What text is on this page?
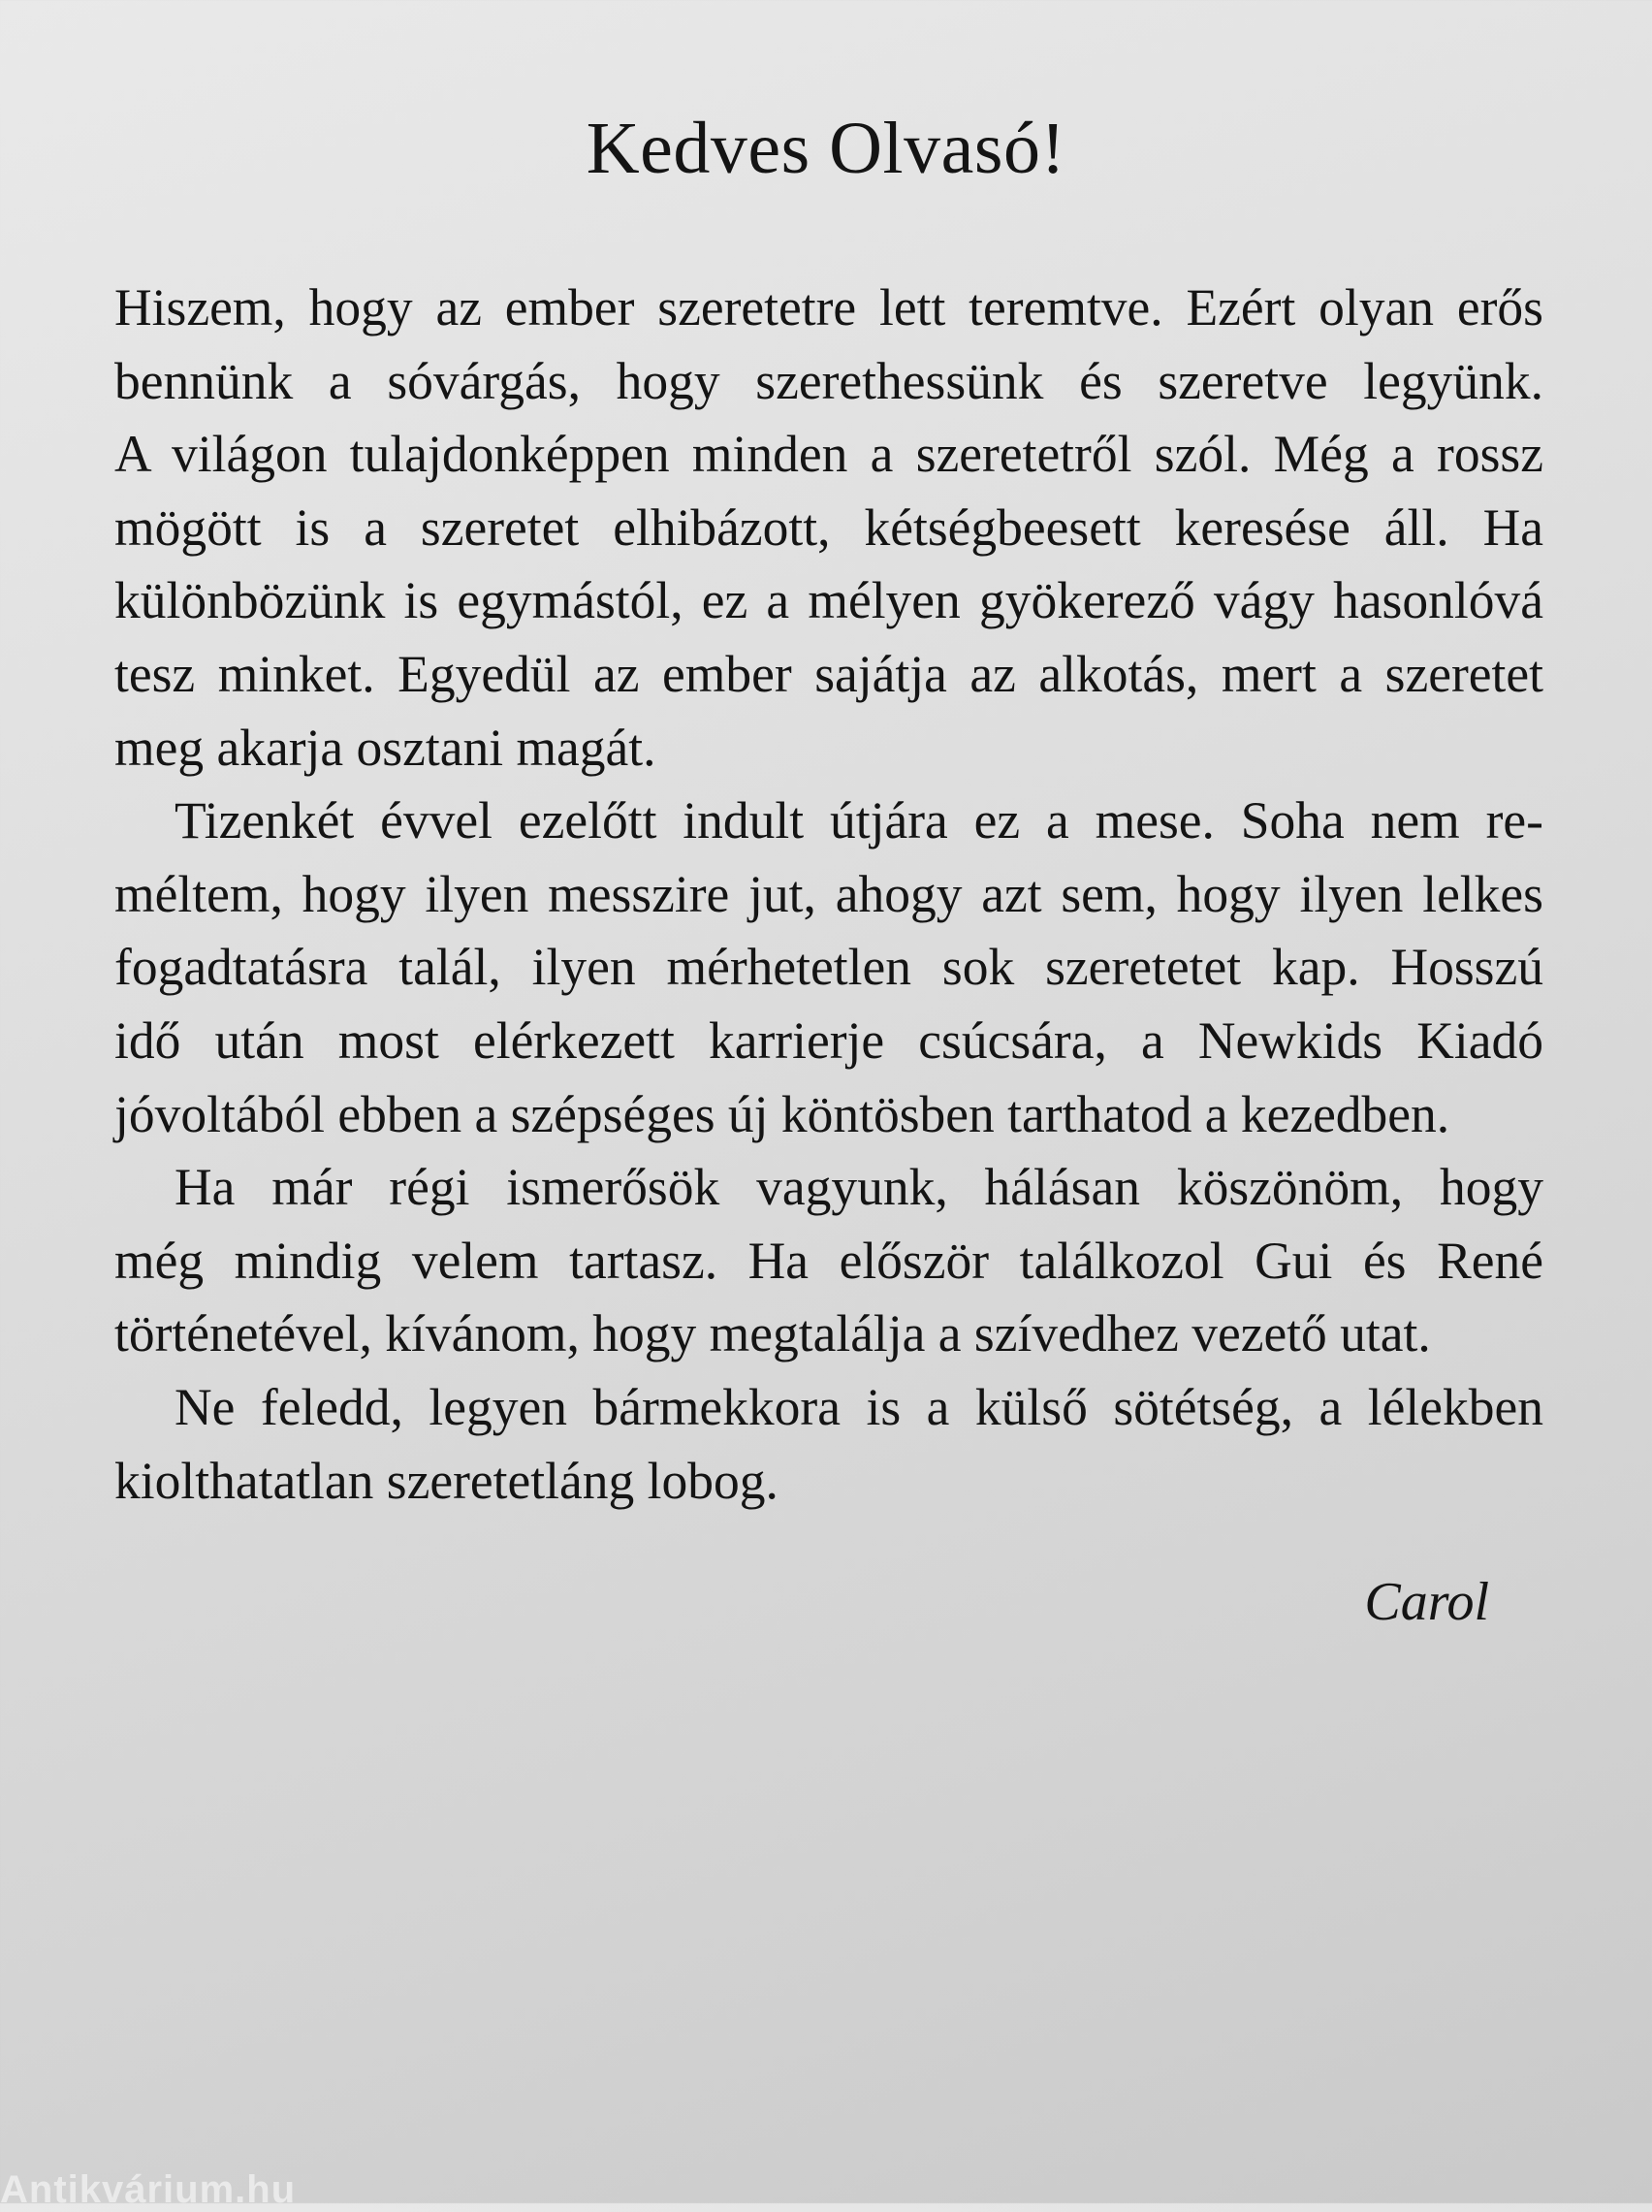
Kedves Olvasó!
Hiszem, hogy az ember szeretetre lett teremtve. Ezért olyan erős
bennünk a sóvárgás, hogy szerethessünk és szeretve legyünk.
A világon tulajdonképpen minden a szeretetről szól. Még a rossz
mögött is a szeretet elhibázott, kétségbeesett keresése áll. Ha
különbözünk is egymástól, ez a mélyen gyökerező vágy hasonlóvá
tesz minket. Egyedül az ember sajátja az alkotás, mert a szeretet
meg akarja osztani magát.
Tizenkét évvel ezelőtt indult útjára ez a mese. Soha nem re-
méltem, hogy ilyen messzire jut, ahogy azt sem, hogy ilyen lelkes
fogadtatásra talál, ilyen mérhetetlen sok szeretetet kap. Hosszú
idő után most elérkezett karrierje csúcsára, a Newkids Kiadó
jóvoltából ebben a szépséges új köntösben tarthatod a kezedben.
Ha már régi ismerősök vagyunk, hálásan köszönöm, hogy
még mindig velem tartasz. Ha először találkozol Gui és René
történetével, kívánom, hogy megtalálja a szívedhez vezető utat.
Ne feledd, legyen bármekkora is a külső sötétség, a lélekben
kiolthatatlan szeretetláng lobog.

Carol

Antikvárium.hu
